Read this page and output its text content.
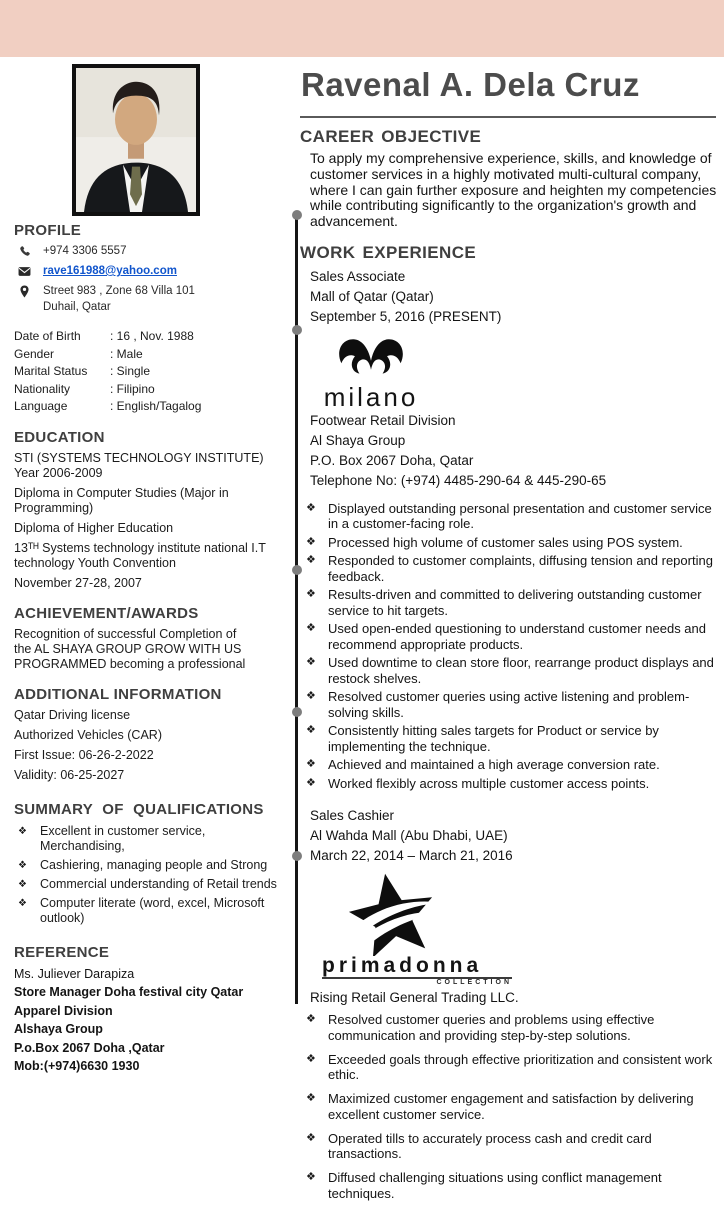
Ravenal A. Dela Cruz
CAREER OBJECTIVE
To apply my comprehensive experience, skills, and knowledge of customer services in a highly motivated multi-cultural company, where I can gain further exposure and heighten my competencies while contributing significantly to the organization's growth and advancement.
WORK EXPERIENCE
Sales Associate
Mall of Qatar (Qatar)
September 5, 2016 (PRESENT)
milano
Footwear Retail Division
Al Shaya Group
P.O. Box 2067 Doha, Qatar
Telephone No: (+974) 4485-290-64 & 445-290-65
❖ Displayed outstanding personal presentation and customer service in a customer-facing role.
❖ Processed high volume of customer sales using POS system.
❖ Responded to customer complaints, diffusing tension and reporting feedback.
❖ Results-driven and committed to delivering outstanding customer service to hit targets.
❖ Used open-ended questioning to understand customer needs and recommend appropriate products.
❖ Used downtime to clean store floor, rearrange product displays and restock shelves.
❖ Resolved customer queries using active listening and problem-solving skills.
❖ Consistently hitting sales targets for Product or service by implementing the technique.
❖ Achieved and maintained a high average conversion rate.
❖ Worked flexibly across multiple customer access points.
Sales Cashier
Al Wahda Mall (Abu Dhabi, UAE)
March 22, 2014 – March 21, 2016
primadonna
COLLECTION
Rising Retail General Trading LLC.
❖ Resolved customer queries and problems using effective communication and providing step-by-step solutions.
❖ Exceeded goals through effective prioritization and consistent work ethic.
❖ Maximized customer engagement and satisfaction by delivering excellent customer service.
❖ Operated tills to accurately process cash and credit card transactions.
❖ Diffused challenging situations using conflict management techniques.
PROFILE
+974 3306 5557
rave161988@yahoo.com
Street 983 , Zone 68 Villa 101
Duhail, Qatar
Date of Birth	: 16 , Nov. 1988
Gender	: Male
Marital Status	: Single
Nationality	: Filipino
Language	: English/Tagalog
EDUCATION
STI (SYSTEMS TECHNOLOGY INSTITUTE) Year 2006-2009
Diploma in Computer Studies (Major in Programming)
Diploma of Higher Education
13ᵀᴴ Systems technology institute national I.T technology Youth Convention
November 27-28, 2007
ACHIEVEMENT/AWARDS
Recognition of successful Completion of the AL SHAYA GROUP GROW WITH US PROGRAMMED becoming a professional
ADDITIONAL INFORMATION
Qatar Driving license
Authorized Vehicles (CAR)
First Issue: 06-26-2-2022
Validity: 06-25-2027
SUMMARY OF QUALIFICATIONS
❖ Excellent in customer service, Merchandising,
❖ Cashiering, managing people and Strong
❖ Commercial understanding of Retail trends
❖ Computer literate (word, excel, Microsoft outlook)
REFERENCE
Ms. Juliever Darapiza
Store Manager Doha festival city Qatar
Apparel Division
Alshaya Group
P.o.Box 2067 Doha ,Qatar
Mob:(+974)6630 1930
